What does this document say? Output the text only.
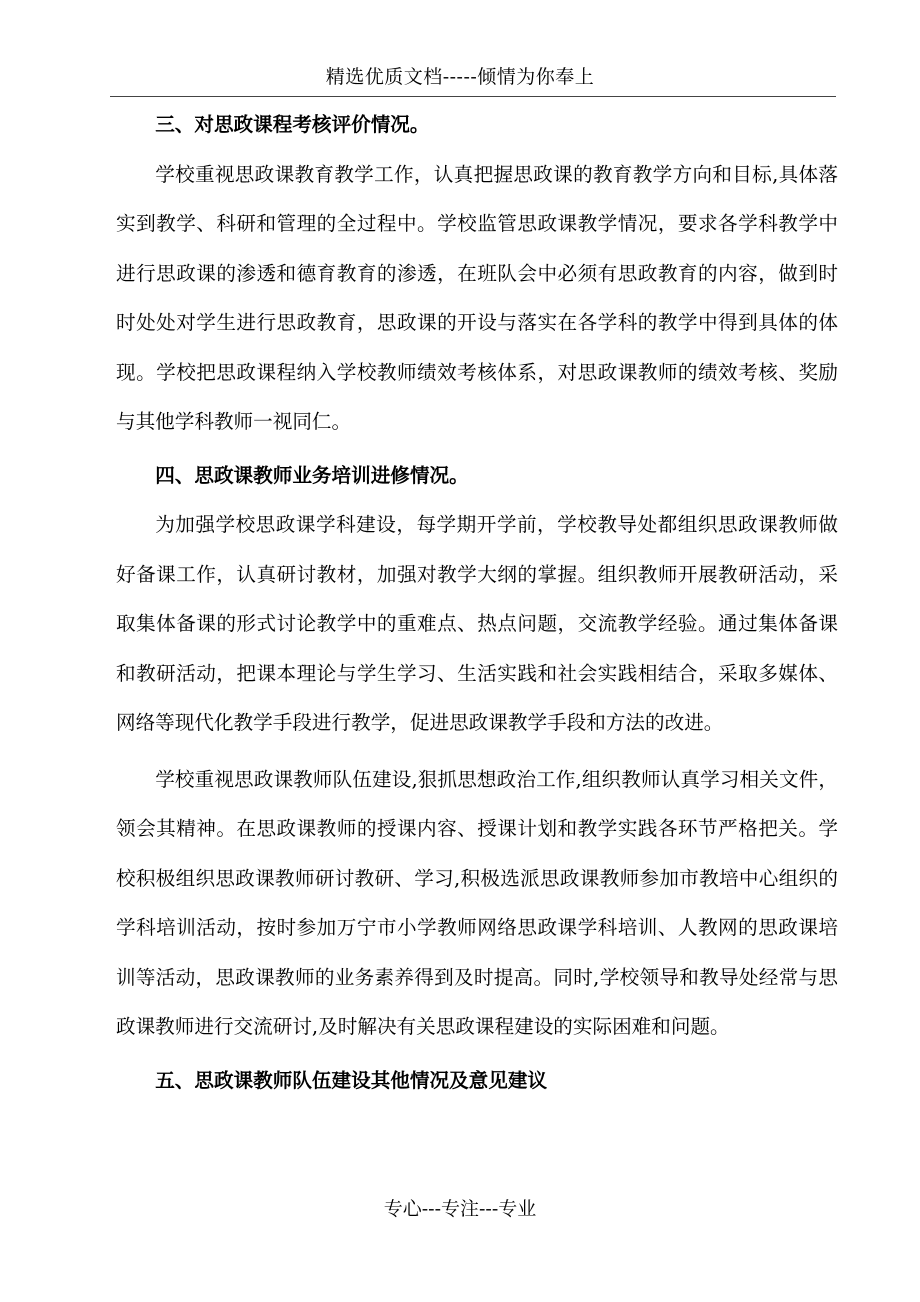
精选优质文档-----倾情为你奉上
三、对思政课程考核评价情况。

学校重视思政课教育教学工作，认真把握思政课的教育教学方向和目标,具体落实到教学、科研和管理的全过程中。学校监管思政课教学情况，要求各学科教学中进行思政课的渗透和德育教育的渗透，在班队会中必须有思政教育的内容，做到时时处处对学生进行思政教育，思政课的开设与落实在各学科的教学中得到具体的体现。学校把思政课程纳入学校教师绩效考核体系，对思政课教师的绩效考核、奖励与其他学科教师一视同仁。

四、思政课教师业务培训进修情况。

为加强学校思政课学科建设，每学期开学前，学校教导处都组织思政课教师做好备课工作，认真研讨教材，加强对教学大纲的掌握。组织教师开展教研活动，采取集体备课的形式讨论教学中的重难点、热点问题，交流教学经验。通过集体备课和教研活动，把课本理论与学生学习、生活实践和社会实践相结合，采取多媒体、网络等现代化教学手段进行教学，促进思政课教学手段和方法的改进。

学校重视思政课教师队伍建设,狠抓思想政治工作,组织教师认真学习相关文件，领会其精神。在思政课教师的授课内容、授课计划和教学实践各环节严格把关。学校积极组织思政课教师研讨教研、学习,积极选派思政课教师参加市教培中心组织的学科培训活动，按时参加万宁市小学教师网络思政课学科培训、人教网的思政课培训等活动，思政课教师的业务素养得到及时提高。同时,学校领导和教导处经常与思政课教师进行交流研讨,及时解决有关思政课程建设的实际困难和问题。

五、思政课教师队伍建设其他情况及意见建议
专心---专注---专业
